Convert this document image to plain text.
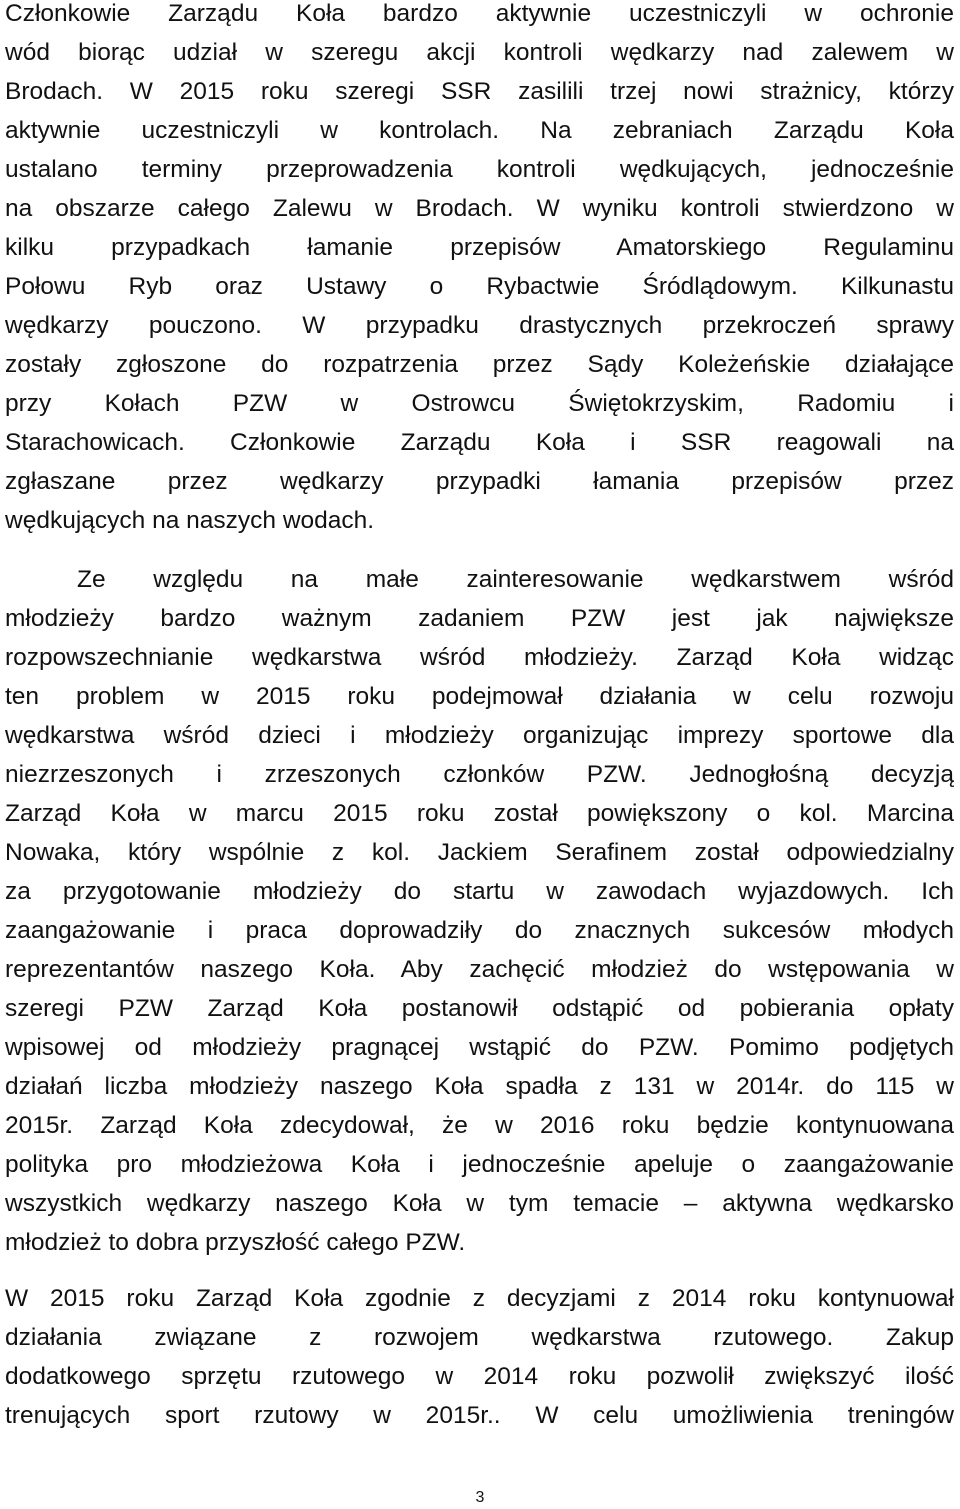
Członkowie Zarządu Koła bardzo aktywnie uczestniczyli w ochronie
wód biorąc udział w szeregu akcji kontroli wędkarzy nad zalewem w
Brodach. W 2015 roku szeregi SSR zasilili trzej nowi strażnicy, którzy
aktywnie uczestniczyli w kontrolach. Na zebraniach Zarządu Koła
ustalano terminy przeprowadzenia kontroli wędkujących, jednocześnie
na obszarze całego Zalewu w Brodach. W wyniku kontroli stwierdzono w
kilku przypadkach łamanie przepisów Amatorskiego Regulaminu
Połowu Ryb oraz Ustawy o Rybactwie Śródlądowym. Kilkunastu
wędkarzy pouczono. W przypadku drastycznych przekroczeń sprawy
zostały zgłoszone do rozpatrzenia przez Sądy Koleżeńskie działające
przy Kołach PZW w Ostrowcu Świętokrzyskim, Radomiu i
Starachowicach. Członkowie Zarządu Koła i SSR reagowali na
zgłaszane przez wędkarzy przypadki łamania przepisów przez
wędkujących na naszych wodach.

Ze względu na małe zainteresowanie wędkarstwem wśród
młodzieży bardzo ważnym zadaniem PZW jest jak największe
rozpowszechnianie wędkarstwa wśród młodzieży. Zarząd Koła widząc
ten problem w 2015 roku podejmował działania w celu rozwoju
wędkarstwa wśród dzieci i młodzieży organizując imprezy sportowe dla
niezrzeszonych i zrzeszonych członków PZW. Jednogłośną decyzją
Zarząd Koła w marcu 2015 roku został powiększony o kol. Marcina
Nowaka, który wspólnie z kol. Jackiem Serafinem został odpowiedzialny
za przygotowanie młodzieży do startu w zawodach wyjazdowych. Ich
zaangażowanie i praca doprowadziły do znacznych sukcesów młodych
reprezentantów naszego Koła. Aby zachęcić młodzież do wstępowania w
szeregi PZW Zarząd Koła postanowił odstąpić od pobierania opłaty
wpisowej od młodzieży pragnącej wstąpić do PZW. Pomimo podjętych
działań liczba młodzieży naszego Koła spadła z 131 w 2014r. do 115 w
2015r. Zarząd Koła zdecydował, że w 2016 roku będzie kontynuowana
polityka pro młodzieżowa Koła i jednocześnie apeluje o zaangażowanie
wszystkich wędkarzy naszego Koła w tym temacie – aktywna wędkarsko
młodzież to dobra przyszłość całego PZW.

W 2015 roku Zarząd Koła zgodnie z decyzjami z 2014 roku kontynuował
działania związane z rozwojem wędkarstwa rzutowego. Zakup
dodatkowego sprzętu rzutowego w 2014 roku pozwolił zwiększyć ilość
trenujących sport rzutowy w 2015r.. W celu umożliwienia treningów

3
